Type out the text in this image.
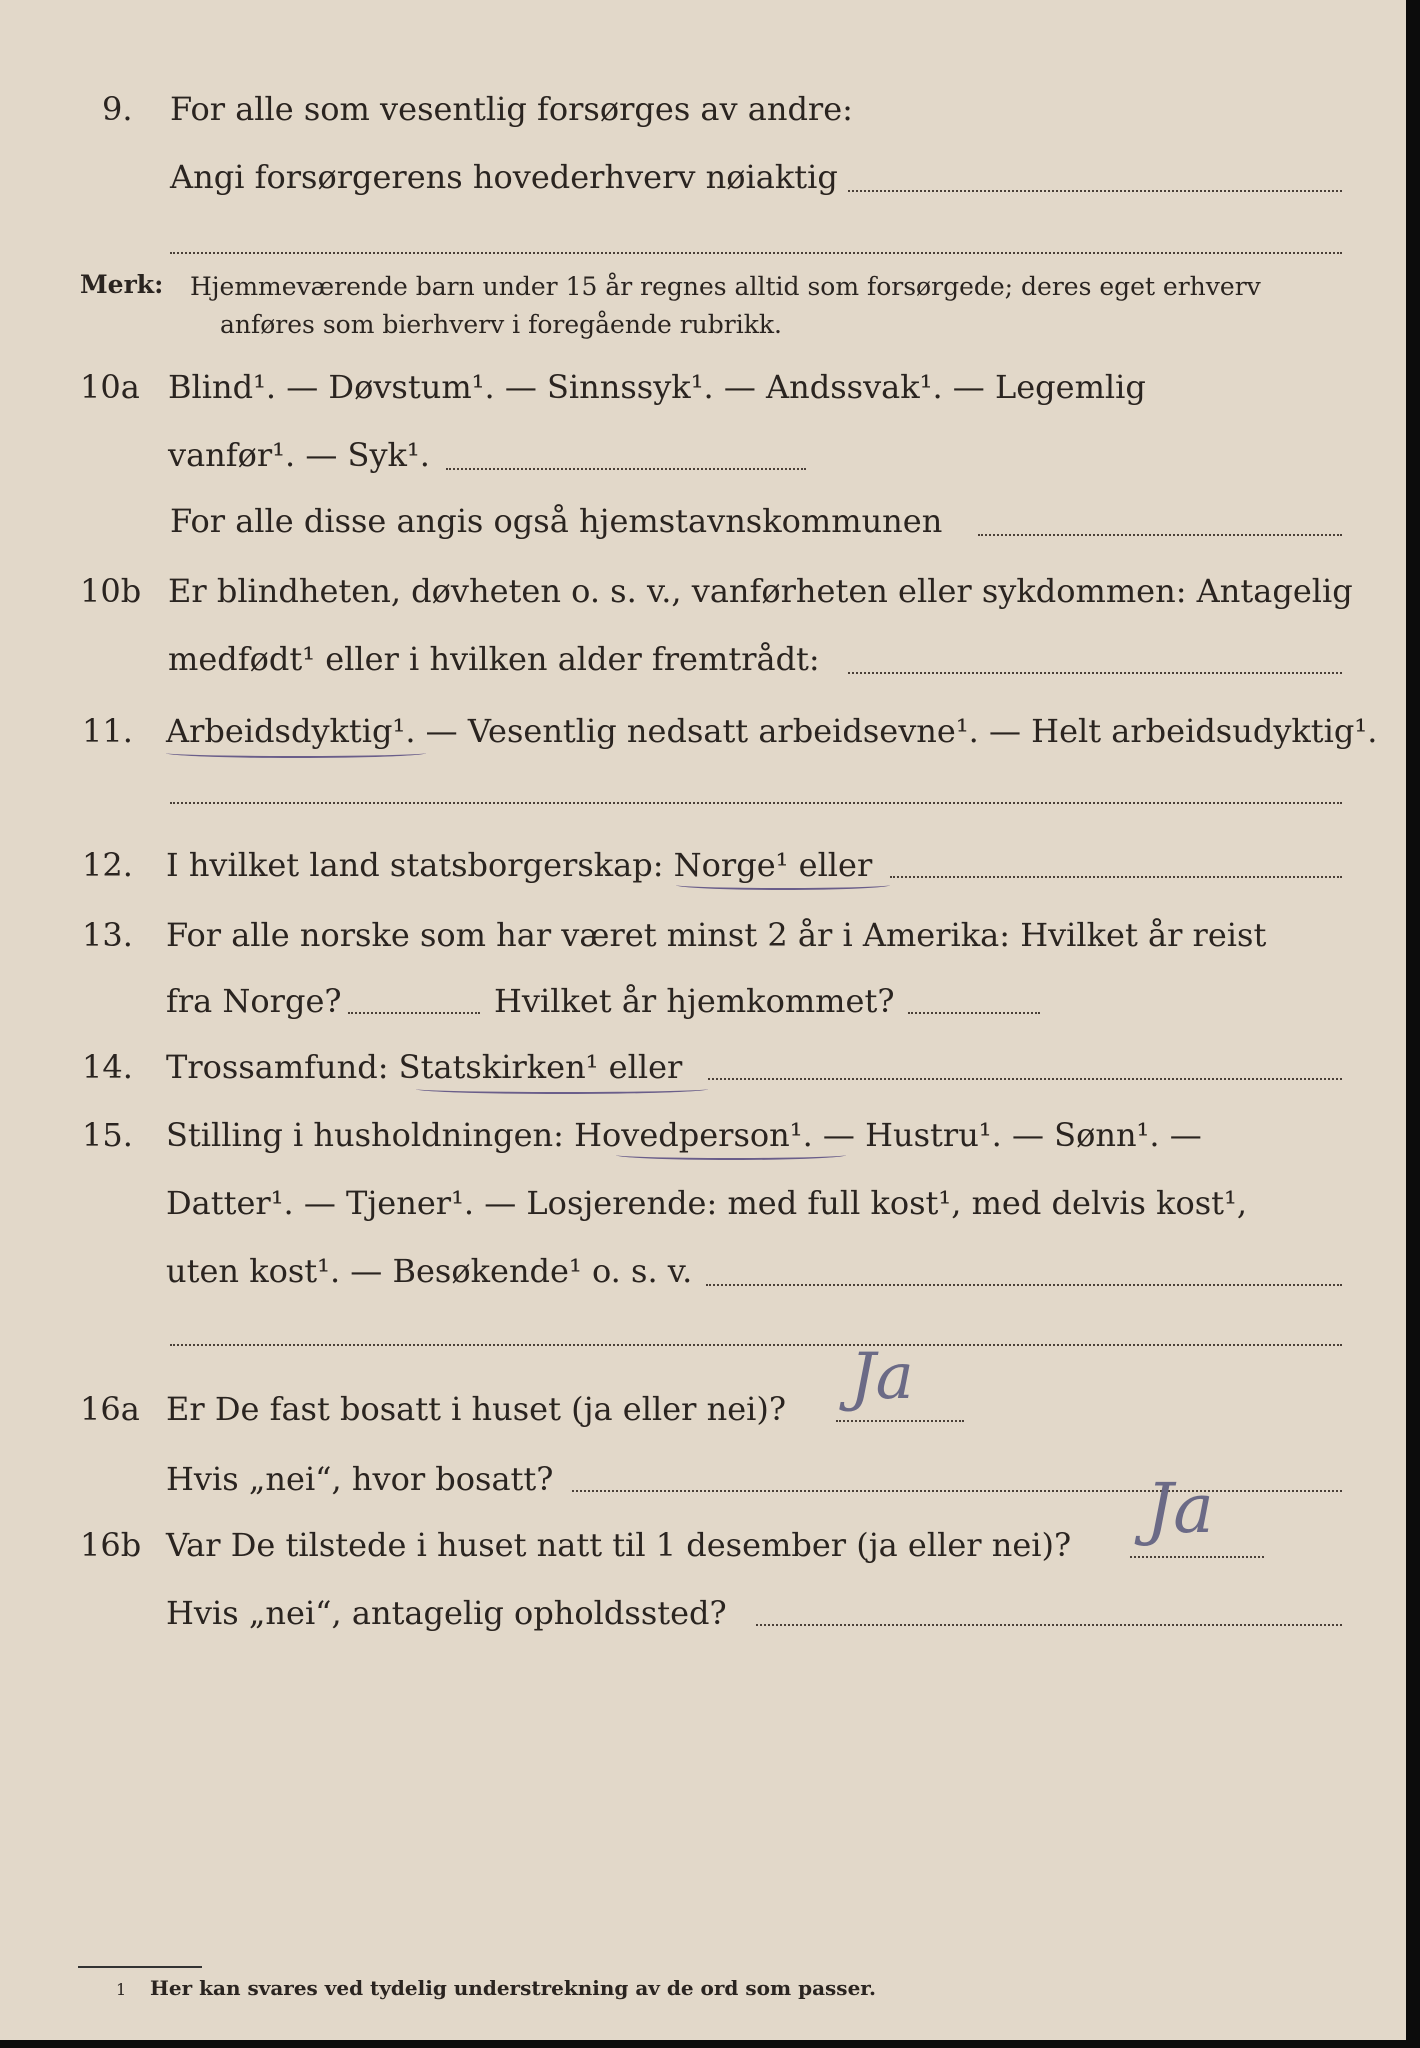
9. For alle som vesentlig forsørges av andre:
Angi forsørgerens hovederhverv nøiaktig
Merk: Hjemmeværende barn under 15 år regnes alltid som forsørgede; deres eget erhverv
anføres som bierhverv i foregående rubrikk.
10a Blind¹. — Døvstum¹. — Sinnssyk¹. — Andssvak¹. — Legemlig
vanfør¹. — Syk¹.
For alle disse angis også hjemstavnskommunen
10b Er blindheten, døvheten o. s. v., vanførheten eller sykdommen: Antagelig
medfødt¹ eller i hvilken alder fremtrådt:
11. Arbeidsdyktig¹. — Vesentlig nedsatt arbeidsevne¹. — Helt arbeidsudyktig¹.
12. I hvilket land statsborgerskap: Norge¹ eller
13. For alle norske som har været minst 2 år i Amerika: Hvilket år reist
fra Norge?	Hvilket år hjemkommet?
14. Trossamfund: Statskirken¹ eller
15. Stilling i husholdningen: Hovedperson¹. — Hustru¹. — Sønn¹. —
Datter¹. — Tjener¹. — Losjerende: med full kost¹, med delvis kost¹,
uten kost¹. — Besøkende¹ o. s. v.
16a Er De fast bosatt i huset (ja eller nei)? Ja
Hvis „nei“, hvor bosatt?
16b Var De tilstede i huset natt til 1 desember (ja eller nei)? Ja
Hvis „nei“, antagelig opholdssted?
1 Her kan svares ved tydelig understrekning av de ord som passer.
